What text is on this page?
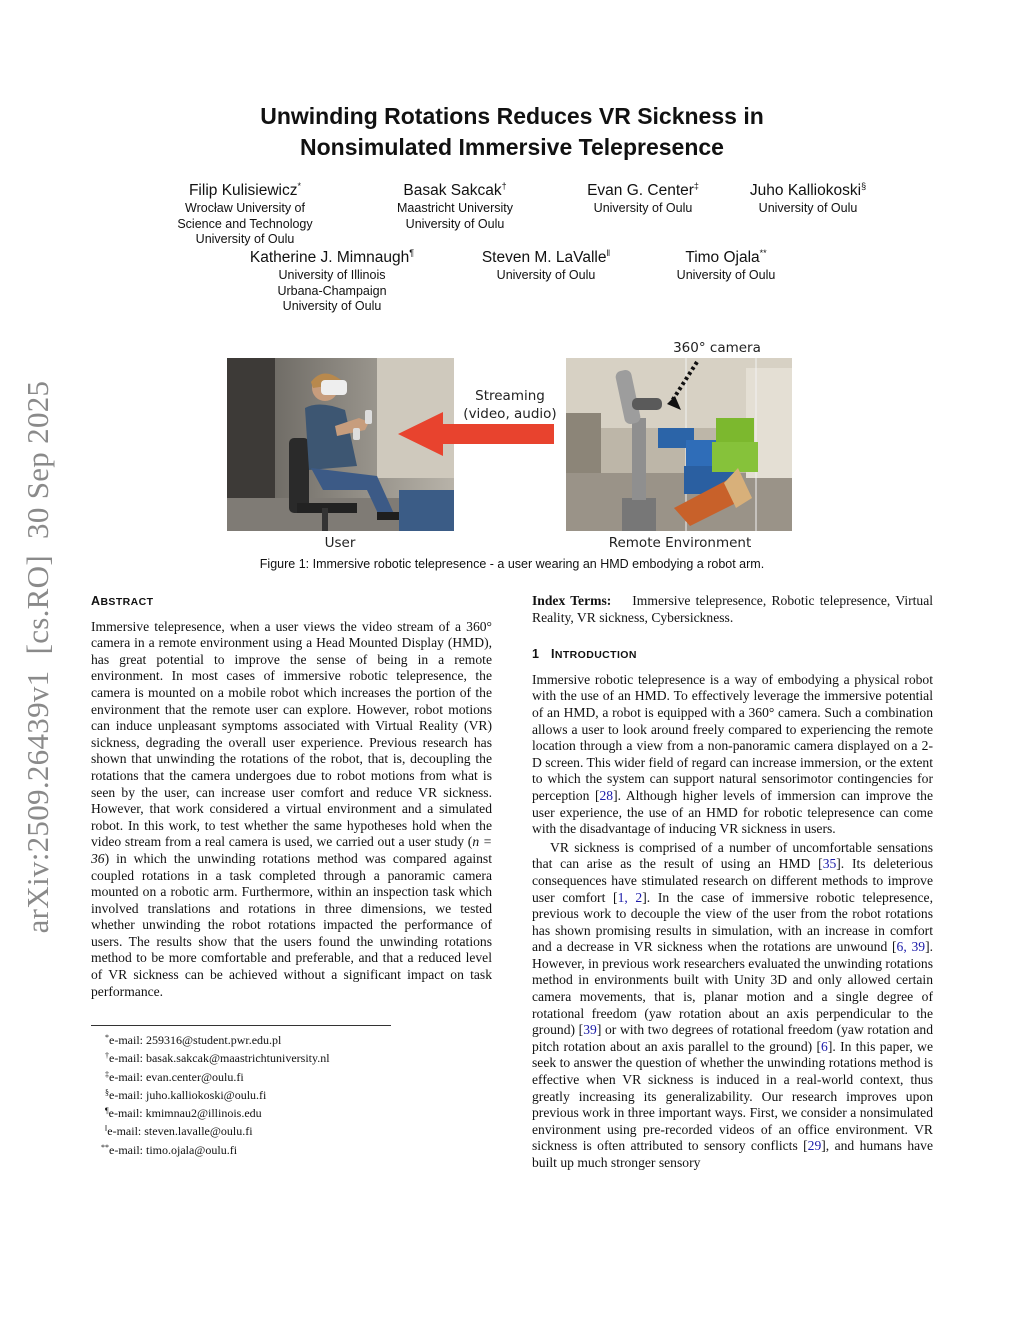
arXiv:2509.26439v1  [cs.RO]  30 Sep 2025
Unwinding Rotations Reduces VR Sickness in
Nonsimulated Immersive Telepresence
Filip Kulisiewicz*
Wrocław University of
Science and Technology
University of Oulu
Basak Sakcak†
Maastricht University
University of Oulu
Evan G. Center‡
University of Oulu
Juho Kalliokoski§
University of Oulu
Katherine J. Mimnaugh¶
University of Illinois
Urbana-Champaign
University of Oulu
Steven M. LaValle‖
University of Oulu
Timo Ojala**
University of Oulu
Streaming
(video, audio)
360° camera
User	Remote Environment
Figure 1: Immersive robotic telepresence - a user wearing an HMD embodying a robot arm.
ABSTRACT

Immersive telepresence, when a user views the video stream of a 360° camera in a remote environment using a Head Mounted Display (HMD), has great potential to improve the sense of being in a remote environment. In most cases of immersive robotic telepresence, the camera is mounted on a mobile robot which increases the portion of the environment that the remote user can explore. However, robot motions can induce unpleasant symptoms associated with Virtual Reality (VR) sickness, degrading the overall user experience. Previous research has shown that unwinding the rotations of the robot, that is, decoupling the rotations that the camera undergoes due to robot motions from what is seen by the user, can increase user comfort and reduce VR sickness. However, that work considered a virtual environment and a simulated robot. In this work, to test whether the same hypotheses hold when the video stream from a real camera is used, we carried out a user study (n = 36) in which the unwinding rotations method was compared against coupled rotations in a task completed through a panoramic camera mounted on a robotic arm. Furthermore, within an inspection task which involved translations and rotations in three dimensions, we tested whether unwinding the robot rotations impacted the performance of users. The results show that the users found the unwinding rotations method to be more comfortable and preferable, and that a reduced level of VR sickness can be achieved without a significant impact on task performance.

*e-mail: 259316@student.pwr.edu.pl
†e-mail: basak.sakcak@maastrichtuniversity.nl
‡e-mail: evan.center@oulu.fi
§e-mail: juho.kalliokoski@oulu.fi
¶e-mail: kmimnau2@illinois.edu
‖e-mail: steven.lavalle@oulu.fi
**e-mail: timo.ojala@oulu.fi

Index Terms: Immersive telepresence, Robotic telepresence, Virtual Reality, VR sickness, Cybersickness.

1 INTRODUCTION

Immersive robotic telepresence is a way of embodying a physical robot with the use of an HMD. To effectively leverage the immersive potential of an HMD, a robot is equipped with a 360° camera. Such a combination allows a user to look around freely compared to experiencing the remote location through a view from a non-panoramic camera displayed on a 2-D screen. This wider field of regard can increase immersion, or the extent to which the system can support natural sensorimotor contingencies for perception [28]. Although higher levels of immersion can improve the user experience, the use of an HMD for robotic telepresence can come with the disadvantage of inducing VR sickness in users.

VR sickness is comprised of a number of uncomfortable sensations that can arise as the result of using an HMD [35]. Its deleterious consequences have stimulated research on different methods to improve user comfort [1, 2]. In the case of immersive robotic telepresence, previous work to decouple the view of the user from the robot rotations has shown promising results in simulation, with an increase in comfort and a decrease in VR sickness when the rotations are unwound [6, 39]. However, in previous work researchers evaluated the unwinding rotations method in environments built with Unity 3D and only allowed certain camera movements, that is, planar motion and a single degree of rotational freedom (yaw rotation about an axis perpendicular to the ground) [39] or with two degrees of rotational freedom (yaw rotation and pitch rotation about an axis parallel to the ground) [6]. In this paper, we seek to answer the question of whether the unwinding rotations method is effective when VR sickness is induced in a real-world context, thus greatly increasing its generalizability. Our research improves upon previous work in three important ways. First, we consider a nonsimulated environment using pre-recorded videos of an office environment. VR sickness is often attributed to sensory conflicts [29], and humans have built up much stronger sensory
